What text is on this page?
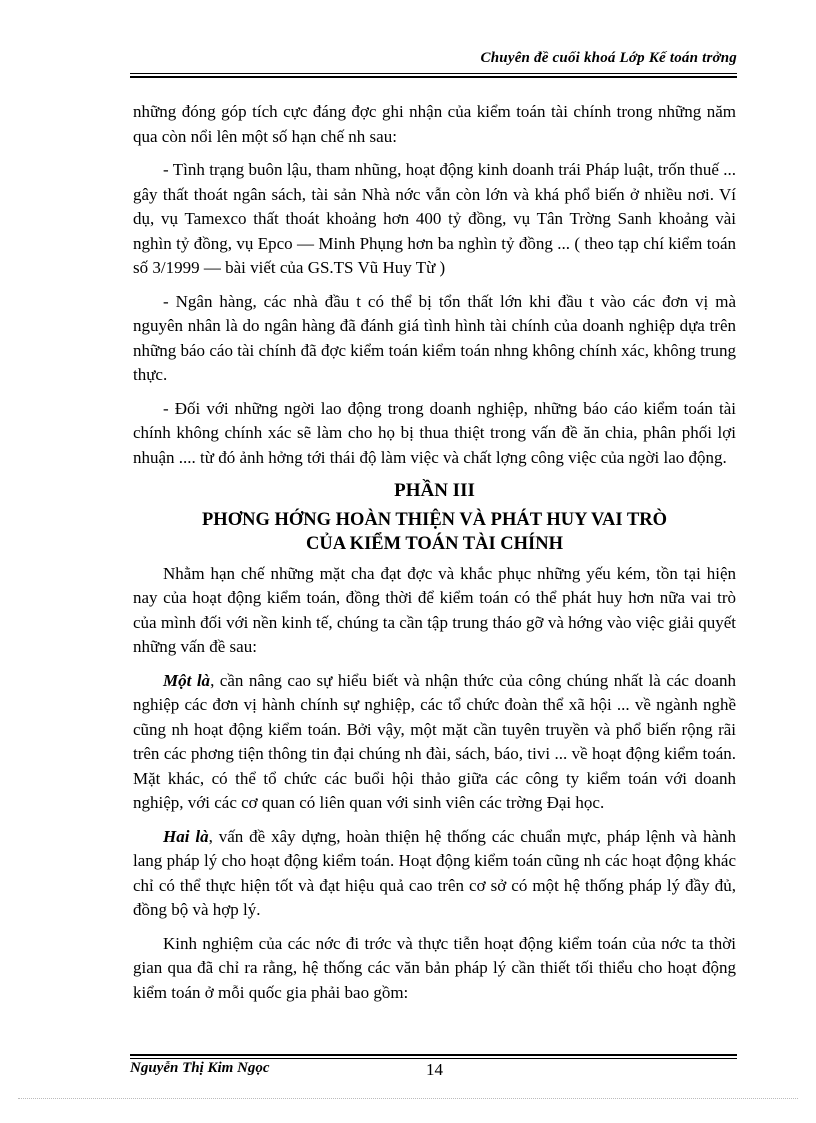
Chuyên đề cuối khoá Lớp Kế toán trởng

những đóng góp tích cực đáng đợc ghi nhận của kiểm toán tài chính trong những năm qua còn nổi lên một số hạn chế nh sau:

- Tình trạng buôn lậu, tham nhũng, hoạt động kinh doanh trái Pháp luật, trốn thuế ... gây thất thoát ngân sách, tài sản Nhà nớc vẫn còn lớn và khá phổ biến ở nhiều nơi. Ví dụ, vụ Tamexco thất thoát khoảng hơn 400 tỷ đồng, vụ Tân Trờng Sanh khoảng vài nghìn tỷ đồng, vụ Epco — Minh Phụng hơn ba nghìn tỷ đồng ... ( theo tạp chí kiểm toán số 3/1999 — bài viết của GS.TS Vũ Huy Từ )

- Ngân hàng, các nhà đầu t có thể bị tổn thất lớn khi đầu t vào các đơn vị mà nguyên nhân là do ngân hàng đã đánh giá tình hình tài chính của doanh nghiệp dựa trên những báo cáo tài chính đã đợc kiểm toán kiểm toán nhng không chính xác, không trung thực.

- Đối với những ngời lao động trong doanh nghiệp, những báo cáo kiểm toán tài chính không chính xác sẽ làm cho họ bị thua thiệt trong vấn đề ăn chia, phân phối lợi nhuận .... từ đó ảnh hởng tới thái độ làm việc và chất lợng công việc của ngời lao động.

PHẦN III

PHƠNG HỚNG HOÀN THIỆN VÀ PHÁT HUY VAI TRÒ

CỦA KIỂM TOÁN TÀI CHÍNH

Nhằm hạn chế những mặt cha đạt đợc và khắc phục những yếu kém, tồn tại hiện nay của hoạt động kiểm toán, đồng thời để kiểm toán có thể phát huy hơn nữa vai trò của mình đối với nền kinh tế, chúng ta cần tập trung tháo gỡ và hớng vào việc giải quyết những vấn đề sau:

Một là, cần nâng cao sự hiểu biết và nhận thức của công chúng nhất là các doanh nghiệp các đơn vị hành chính sự nghiệp, các tổ chức đoàn thể xã hội ... về ngành nghề cũng nh hoạt động kiểm toán. Bởi vậy, một mặt cần tuyên truyền và phổ biến rộng rãi trên các phơng tiện thông tin đại chúng nh đài, sách, báo, tivi ... về hoạt động kiểm toán. Mặt khác, có thể tổ chức các buổi hội thảo giữa các công ty kiểm toán với doanh nghiệp, với các cơ quan có liên quan với sinh viên các trờng Đại học.

Hai là, vấn đề xây dựng, hoàn thiện hệ thống các chuẩn mực, pháp lệnh và hành lang pháp lý cho hoạt động kiểm toán. Hoạt động kiểm toán cũng nh các hoạt động khác chỉ có thể thực hiện tốt và đạt hiệu quả cao trên cơ sở có một hệ thống pháp lý đầy đủ, đồng bộ và hợp lý.

Kinh nghiệm của các nớc đi trớc và thực tiễn hoạt động kiểm toán của nớc ta thời gian qua đã chỉ ra rằng, hệ thống các văn bản pháp lý cần thiết tối thiểu cho hoạt động kiểm toán ở mỗi quốc gia phải bao gồm:

Nguyễn Thị Kim Ngọc	14
